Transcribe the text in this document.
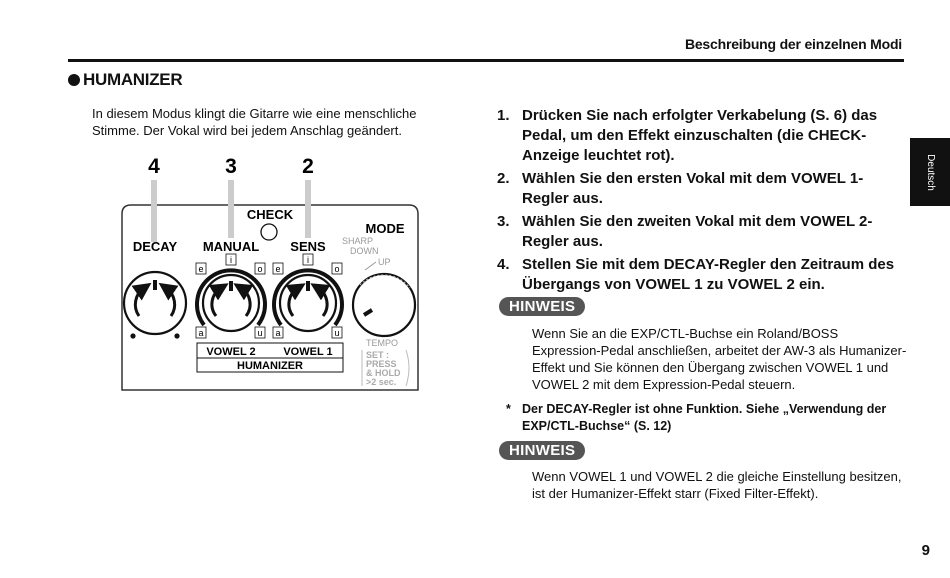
Beschreibung der einzelnen Modi
HUMANIZER
In diesem Modus klingt die Gitarre wie eine menschliche Stimme. Der Vokal wird bei jedem Anschlag geändert.
Deutsch
4	3	2
CHECK
MODE
SHARP
DOWN
UP
DECAY MANUAL SENS
e
i
o e
i
o
a	u a	u
VOWEL 2	VOWEL 1
HUMANIZER
TEMPO
SET :
PRESS
& HOLD
>2 sec.
1. Drücken Sie nach erfolgter Verkabelung (S. 6) das Pedal, um den Effekt einzuschalten (die CHECK-Anzeige leuchtet rot).
2. Wählen Sie den ersten Vokal mit dem VOWEL 1-Regler aus.
3. Wählen Sie den zweiten Vokal mit dem VOWEL 2-Regler aus.
4. Stellen Sie mit dem DECAY-Regler den Zeitraum des Übergangs von VOWEL 1 zu VOWEL 2 ein.
HINWEIS
Wenn Sie an die EXP/CTL-Buchse ein Roland/BOSS Expression-Pedal anschließen, arbeitet der AW-3 als Humanizer-Effekt und Sie können den Übergang zwischen VOWEL 1 und VOWEL 2 mit dem Expression-Pedal steuern.
* Der DECAY-Regler ist ohne Funktion. Siehe „Verwendung der EXP/CTL-Buchse“ (S. 12)
HINWEIS
Wenn VOWEL 1 und VOWEL 2 die gleiche Einstellung besitzen, ist der Humanizer-Effekt starr (Fixed Filter-Effekt).
9
